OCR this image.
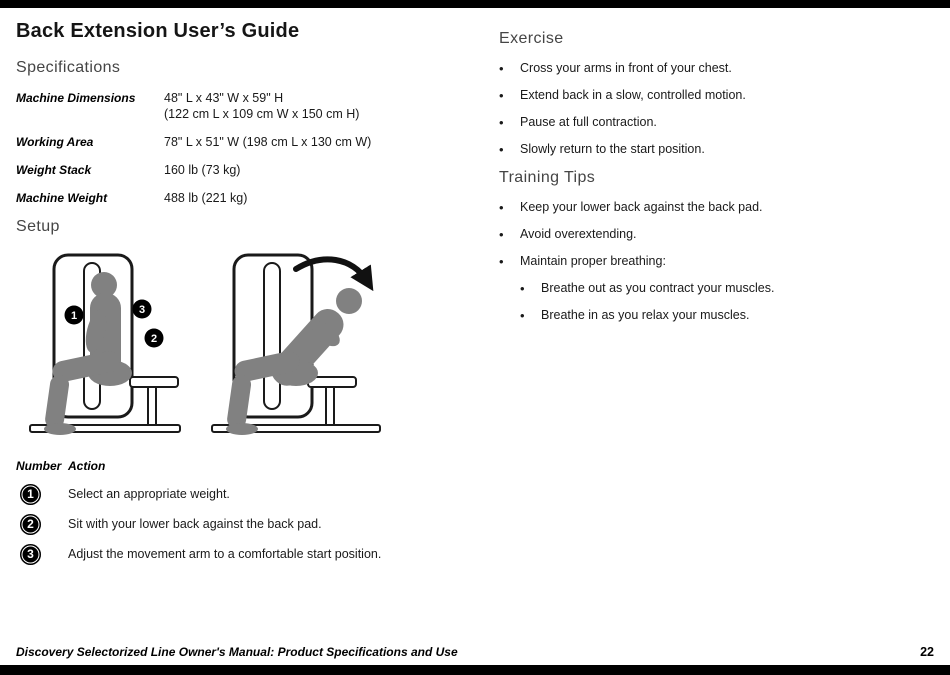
Back Extension User’s Guide
Specifications
Machine Dimensions	48" L x 43" W x 59" H
(122 cm L x 109 cm W x 150 cm H)
Working Area	78" L x 51" W (198 cm L x 130 cm W)
Weight Stack	160 lb (73 kg)
Machine Weight	488 lb (221 kg)
Setup
1	3
2
Number Action
1	Select an appropriate weight.
2	Sit with your lower back against the back pad.
3	Adjust the movement arm to a comfortable start position.
Exercise
•
Cross your arms in front of your chest.
•
Extend back in a slow, controlled motion.
•
Pause at full contraction.
•
Slowly return to the start position.
Training Tips
•
Keep your lower back against the back pad.
•
Avoid overextending.
•
Maintain proper breathing:
•
Breathe out as you contract your muscles.
•
Breathe in as you relax your muscles.
Discovery Selectorized Line Owner's Manual: Product Specifications and Use	22
